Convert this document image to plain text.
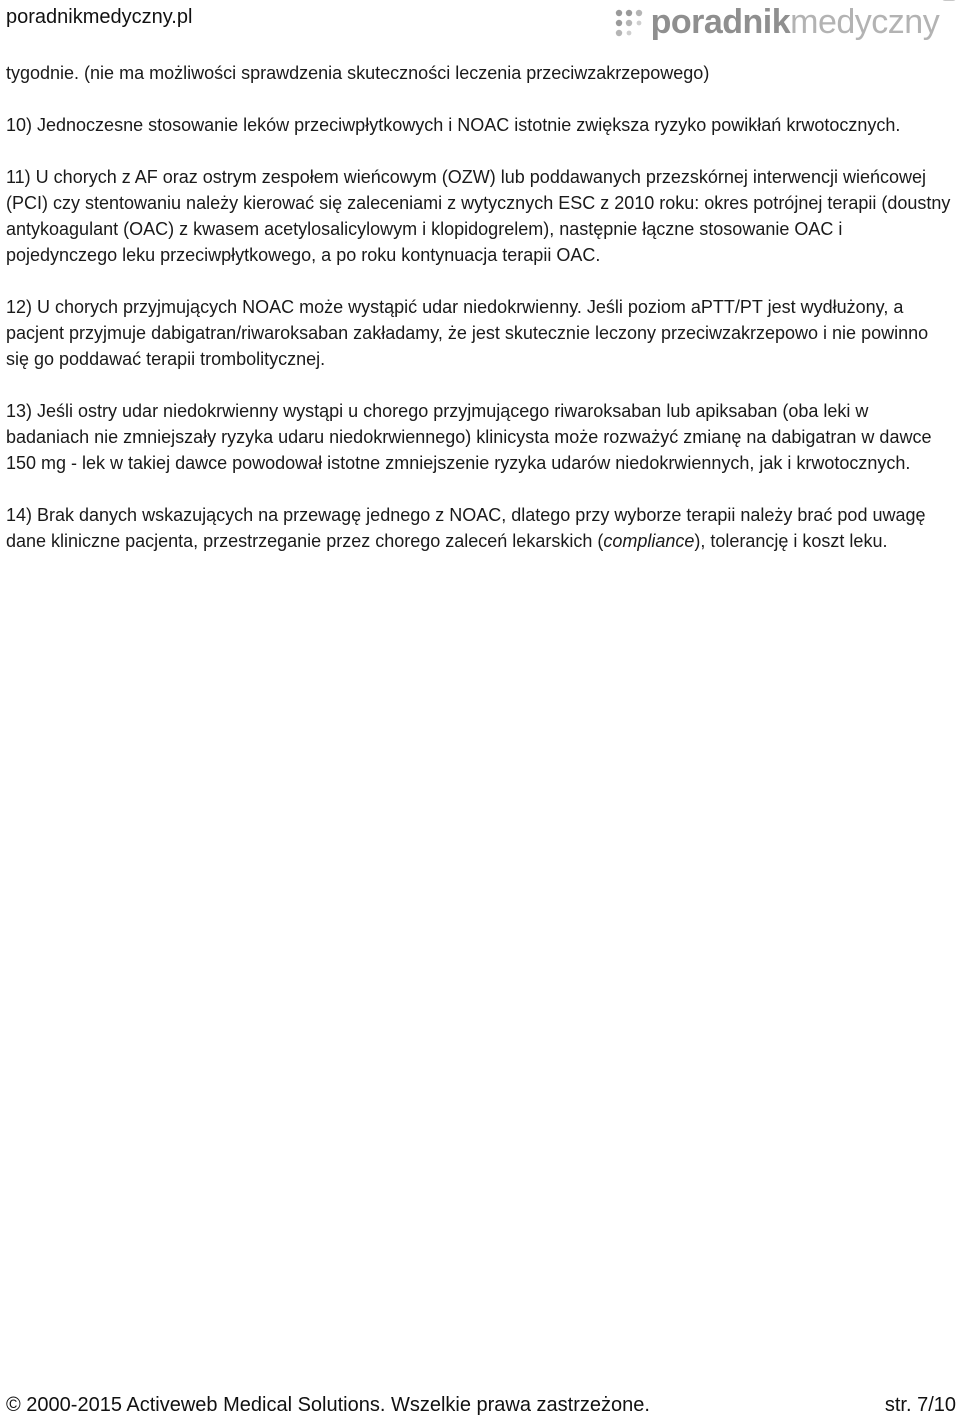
poradnikmedyczny.pl	poradnikmedyczny

tygodnie. (nie ma możliwości sprawdzenia skuteczności leczenia przeciwzakrzepowego)

10) Jednoczesne stosowanie leków przeciwpłytkowych i NOAC istotnie zwiększa ryzyko powikłań krwotocznych.

11) U chorych z AF oraz ostrym zespołem wieńcowym (OZW) lub poddawanych przezskórnej interwencji wieńcowej (PCI) czy stentowaniu należy kierować się zaleceniami z wytycznych ESC z 2010 roku: okres potrójnej terapii (doustny antykoagulant (OAC) z kwasem acetylosalicylowym i klopidogrelem), następnie łączne stosowanie OAC i pojedynczego leku przeciwpłytkowego, a po roku kontynuacja terapii OAC.

12) U chorych przyjmujących NOAC może wystąpić udar niedokrwienny. Jeśli poziom aPTT/PT jest wydłużony, a pacjent przyjmuje dabigatran/riwaroksaban zakładamy, że jest skutecznie leczony przeciwzakrzepowo i nie powinno się go poddawać terapii trombolitycznej.

13) Jeśli ostry udar niedokrwienny wystąpi u chorego przyjmującego riwaroksaban lub apiksaban (oba leki w badaniach nie zmniejszały ryzyka udaru niedokrwiennego) klinicysta może rozważyć zmianę na dabigatran w dawce 150 mg - lek w takiej dawce powodował istotne zmniejszenie ryzyka udarów niedokrwiennych, jak i krwotocznych.

14) Brak danych wskazujących na przewagę jednego z NOAC, dlatego przy wyborze terapii należy brać pod uwagę dane kliniczne pacjenta, przestrzeganie przez chorego zaleceń lekarskich (compliance), tolerancję i koszt leku.

© 2000-2015 Activeweb Medical Solutions. Wszelkie prawa zastrzeżone.	str. 7/10
